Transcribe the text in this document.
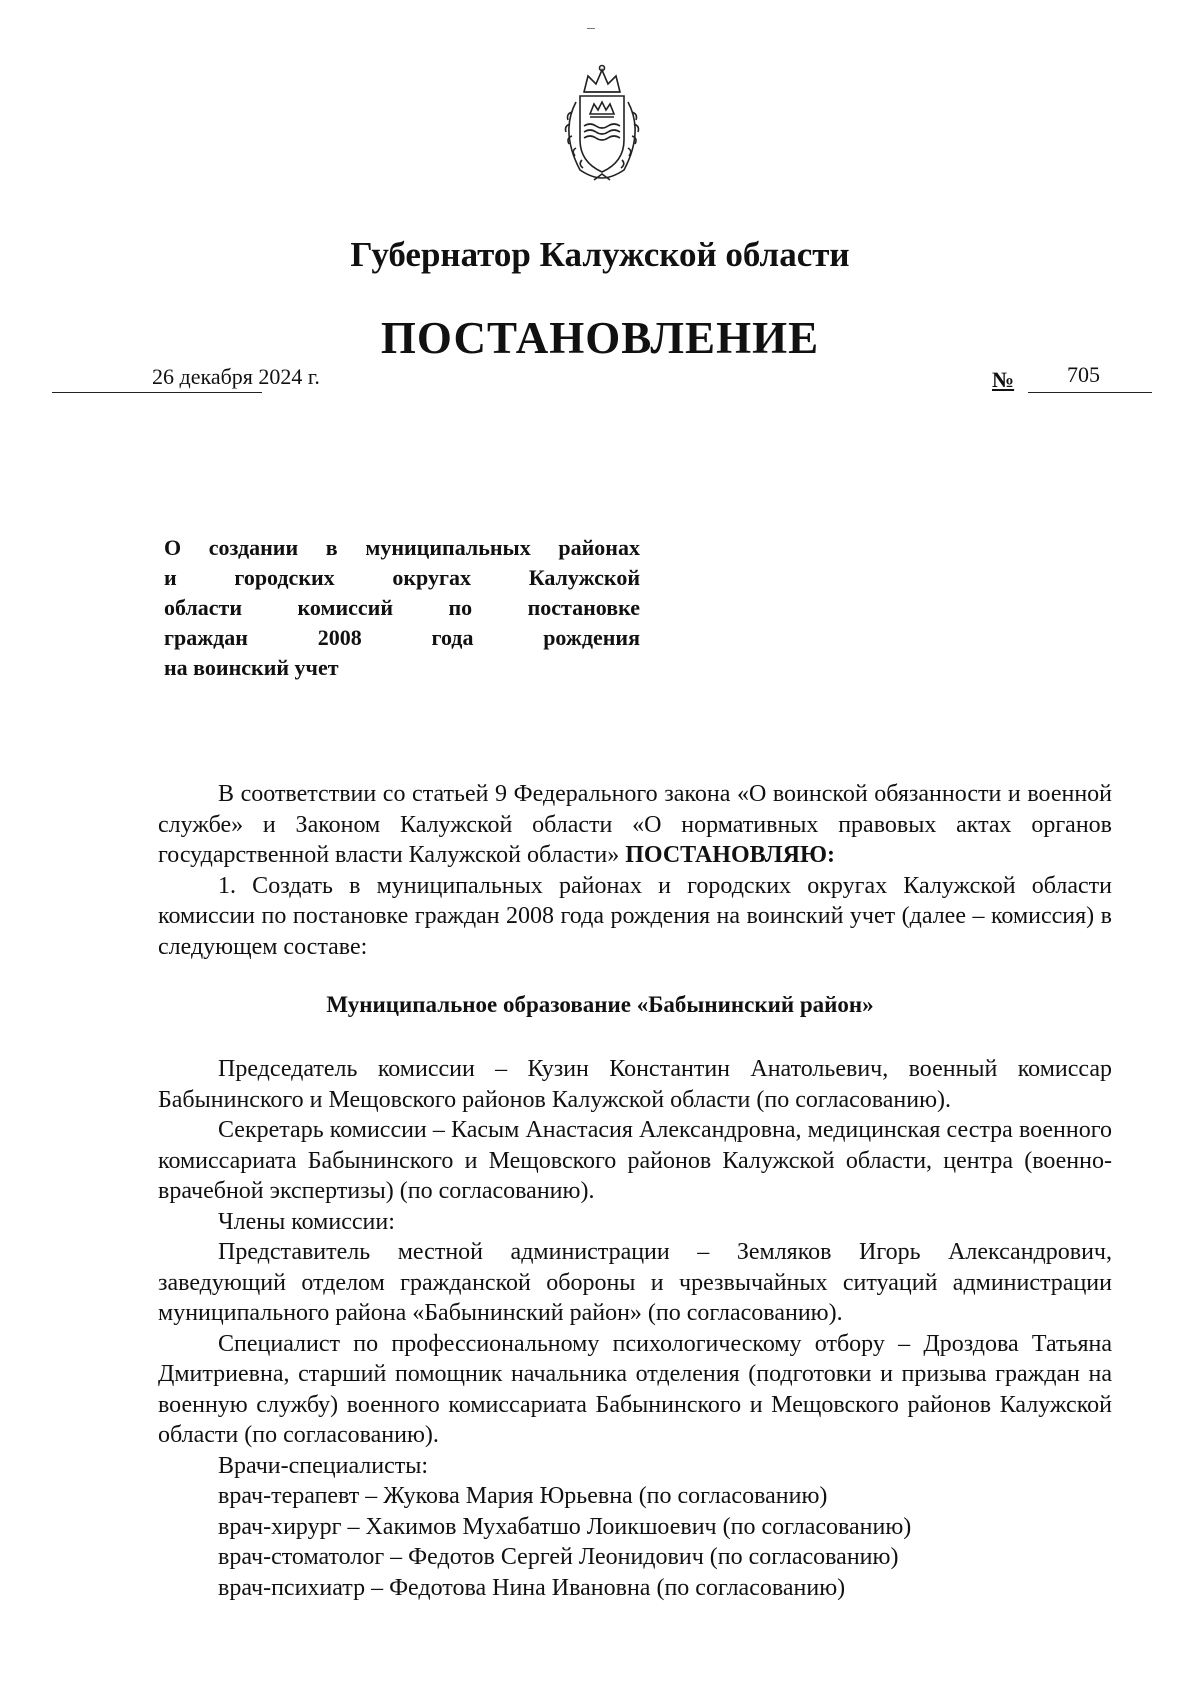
Губернатор Калужской области
ПОСТАНОВЛЕНИЕ
26 декабря 2024 г.	№ 705
О создании в муниципальных районах
и городских округах Калужской
области комиссий по постановке
граждан 2008 года рождения
на воинский учет

В соответствии со статьей 9 Федерального закона «О воинской обязанности и военной службе» и Законом Калужской области «О нормативных правовых актах органов государственной власти Калужской области» ПОСТАНОВЛЯЮ:

1. Создать в муниципальных районах и городских округах Калужской области комиссии по постановке граждан 2008 года рождения на воинский учет (далее – комиссия) в следующем составе:

Муниципальное образование «Бабынинский район»

Председатель комиссии – Кузин Константин Анатольевич, военный комиссар Бабынинского и Мещовского районов Калужской области (по согласованию).

Секретарь комиссии – Касым Анастасия Александровна, медицинская сестра военного комиссариата Бабынинского и Мещовского районов Калужской области, центра (военно-врачебной экспертизы) (по согласованию).

Члены комиссии:

Представитель местной администрации – Земляков Игорь Александрович, заведующий отделом гражданской обороны и чрезвычайных ситуаций администрации муниципального района «Бабынинский район» (по согласованию).

Специалист по профессиональному психологическому отбору – Дроздова Татьяна Дмитриевна, старший помощник начальника отделения (подготовки и призыва граждан на военную службу) военного комиссариата Бабынинского и Мещовского районов Калужской области (по согласованию).

Врачи-специалисты:

врач-терапевт – Жукова Мария Юрьевна (по согласованию)
врач-хирург – Хакимов Мухабатшо Лоикшоевич (по согласованию)
врач-стоматолог – Федотов Сергей Леонидович (по согласованию)
врач-психиатр – Федотова Нина Ивановна (по согласованию)
